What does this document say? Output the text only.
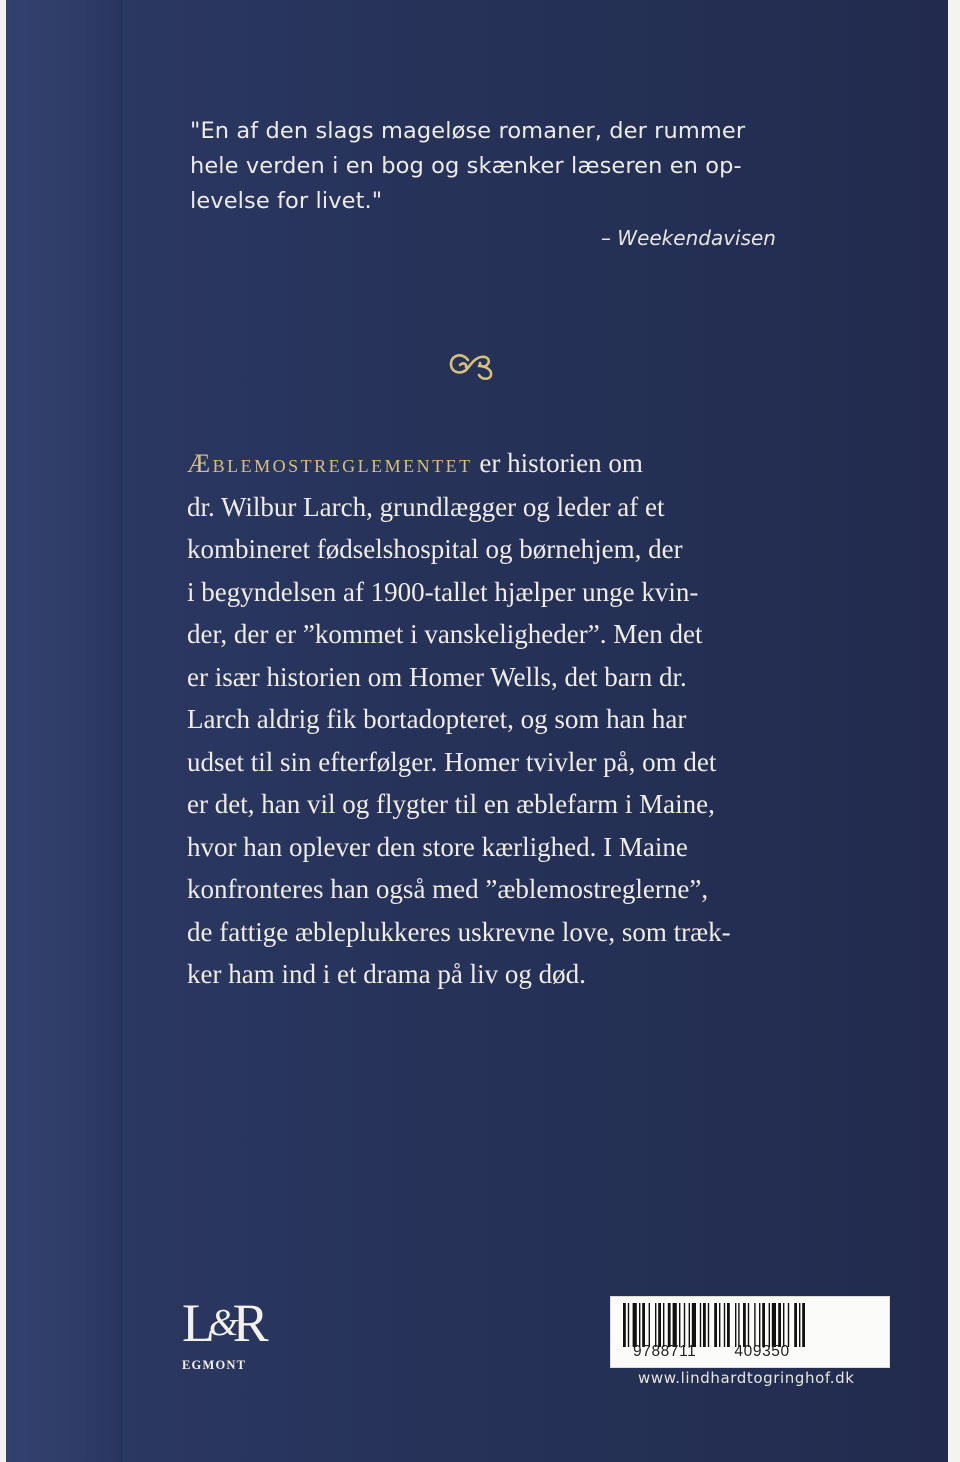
"En af den slags mageløse romaner, der rummer
hele verden i en bog og skænker læseren en op-
levelse for livet."
– Weekendavisen
Æblemostreglementet er historien om
dr. Wilbur Larch, grundlægger og leder af et
kombineret fødselshospital og børnehjem, der
i begyndelsen af 1900-tallet hjælper unge kvin-
der, der er ”kommet i vanskeligheder”. Men det
er især historien om Homer Wells, det barn dr.
Larch aldrig fik bortadopteret, og som han har
udset til sin efterfølger. Homer tvivler på, om det
er det, han vil og flygter til en æblefarm i Maine,
hvor han oplever den store kærlighed. I Maine
konfronteres han også med ”æblemostreglerne”,
de fattige æbleplukkeres uskrevne love, som træk-
ker ham ind i et drama på liv og død.
L&R
EGMONT
9788711 409350
www.lindhardtogringhof.dk
